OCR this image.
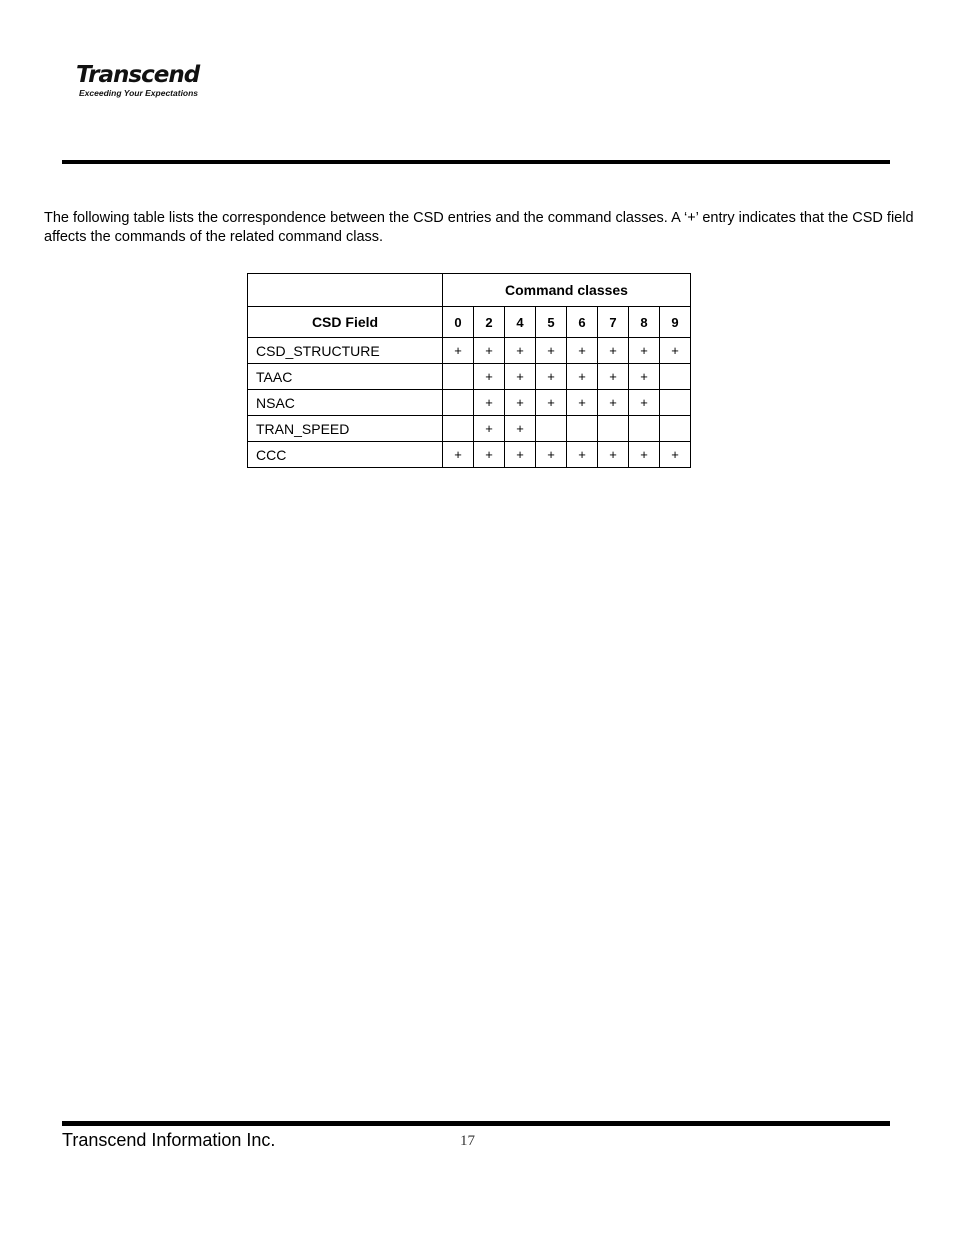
Transcend
Exceeding Your Expectations

The following table lists the correspondence between the CSD entries and the command classes. A ‘+’ entry indicates that the CSD field affects the commands of the related command class.

	Command classes							
CSD Field	0	2	4	5	6	7	8	9
CSD_STRUCTURE	+	+	+	+	+	+	+	+
TAAC		+	+	+	+	+	+	
NSAC		+	+	+	+	+	+	
TRAN_SPEED		+	+					
CCC	+	+	+	+	+	+	+	+
Transcend Information Inc.	17
